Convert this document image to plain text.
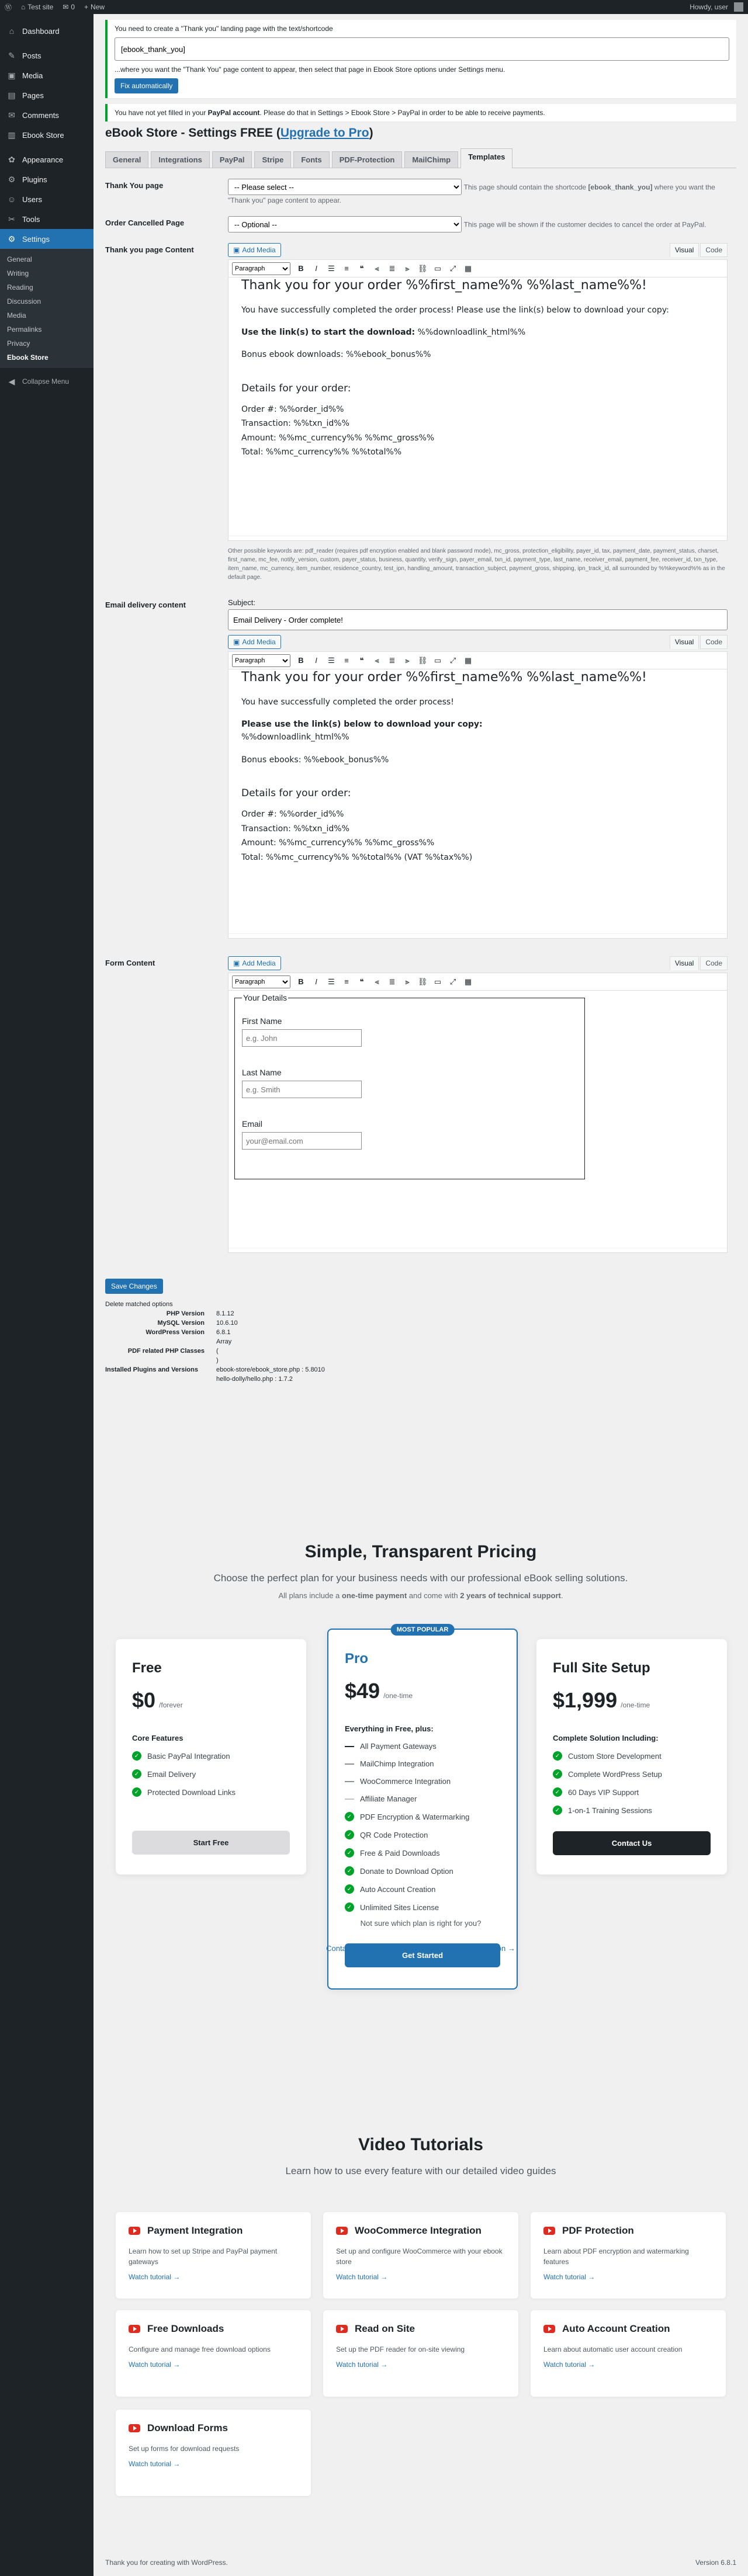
Ⓦ	⌂ Test site ✉ 0 + New	Howdy, user
⌂	Dashboard
✎ Posts
▣ Media
▤ Pages
✉ Comments
▥ Ebook Store
✿ Appearance
⚙ Plugins
☺ Users
✂ Tools
⚙ Settings
General
Writing
Reading
Discussion
Media
Permalinks
Privacy
Ebook Store
◀	Collapse Menu
You need to create a "Thank you" landing page with the text/shortcode
[ebook_thank_you]
...where you want the "Thank You" page content to appear, then select that page in Ebook Store options under Settings menu.
Fix automatically
You have not yet filled in your PayPal account. Please do that in Settings > Ebook Store > PayPal in order to be able to receive payments.
eBook Store - Settings FREE (Upgrade to Pro)
General	Integrations	PayPal	Stripe	Fonts	PDF-Protection	MailChimp	Templates
Thank You page
-- Please select --	This page should contain the shortcode [ebook_thank_you] where you want the "Thank you" page content to appear.
Order Cancelled Page
-- Optional --	This page will be shown if the customer decides to cancel the order at PayPal.
Thank you page Content	▣ Add Media	Visual	Code
Paragraph
B	I	☰	≡	❝	⫷	≣	⫸	⛓ ▭ ⤢ ▦
Thank you for your order %%first_name%% %%last_name%%!

You have successfully completed the order process! Please use the link(s) below to download your copy:

Use the link(s) to start the download: %%downloadlink_html%%

Bonus ebook downloads: %%ebook_bonus%%

Details for your order:
Order #: %%order_id%%
Transaction: %%txn_id%%
Amount: %%mc_currency%% %%mc_gross%%
Total: %%mc_currency%% %%total%%
Other possible keywords are: pdf_reader (requires pdf encryption enabled and blank password mode), mc_gross, protection_eligibility, payer_id, tax, payment_date, payment_status, charset, first_name, mc_fee, notify_version, custom, payer_status, business, quantity, verify_sign, payer_email, txn_id, payment_type, last_name, receiver_email, payment_fee, receiver_id, txn_type, item_name, mc_currency, item_number, residence_country, test_ipn, handling_amount, transaction_subject, payment_gross, shipping, ipn_track_id, all surrounded by %%keyword%% as in the default page.
Email delivery content	Subject:
Email Delivery - Order complete!
▣ Add Media	Visual	Code
Paragraph
B	I	☰	≡	❝	⫷	≣	⫸	⛓ ▭ ⤢ ▦
Thank you for your order %%first_name%% %%last_name%%!

You have successfully completed the order process!

Please use the link(s) below to download your copy:
%%downloadlink_html%%

Bonus ebooks: %%ebook_bonus%%

Details for your order:
Order #: %%order_id%%
Transaction: %%txn_id%%
Amount: %%mc_currency%% %%mc_gross%%
Total: %%mc_currency%% %%total%% (VAT %%tax%%)
Form Content	▣ Add Media	Visual	Code
Paragraph
B	I	☰	≡	❝	⫷	≣	⫸	⛓ ▭ ⤢ ▦
Your Details
First Name
e.g. John
Last Name
e.g. Smith
Email
your@email.com
Save Changes
Delete matched options
PHP Version	8.1.12
MySQL Version	10.6.10
WordPress Version	6.8.1
Array
PDF related PHP Classes	(
)
Installed Plugins and Versions	ebook-store/ebook_store.php : 5.8010
hello-dolly/hello.php : 1.7.2
Simple, Transparent Pricing
Choose the perfect plan for your business needs with our professional eBook selling solutions.
All plans include a one-time payment and come with 2 years of technical support.
Free
$0 /forever
Core Features
✓ Basic PayPal Integration
✓ Email Delivery
✓ Protected Download Links
Start Free
MOST POPULAR
Pro
$49 /one-time
Everything in Free, plus:
All Payment Gateways
MailChimp Integration
WooCommerce Integration
Affiliate Manager
✓ PDF Encryption & Watermarking
✓ QR Code Protection
✓ Free & Paid Downloads
✓ Donate to Download Option
✓ Auto Account Creation
✓ Unlimited Sites License
Get Started
Full Site Setup
$1,999 /one-time
Complete Solution Including:
✓ Custom Store Development
✓ Complete WordPress Setup
✓ 60 Days VIP Support
✓ 1-on-1 Training Sessions
Contact Us
Not sure which plan is right for you?
Contact our team for a personalized recommendation →
Video Tutorials
Learn how to use every feature with our detailed video guides
Payment Integration

Learn how to set up Stripe and PayPal payment gateways

Watch tutorial →
WooCommerce Integration

Set up and configure WooCommerce with your ebook store

Watch tutorial →
PDF Protection

Learn about PDF encryption and watermarking features

Watch tutorial →
Free Downloads

Configure and manage free download options

Watch tutorial →
Read on Site

Set up the PDF reader for on-site viewing

Watch tutorial →
Auto Account Creation

Learn about automatic user account creation

Watch tutorial →
Download Forms

Set up forms for download requests

Watch tutorial →
Thank you for creating with WordPress.	Version 6.8.1
